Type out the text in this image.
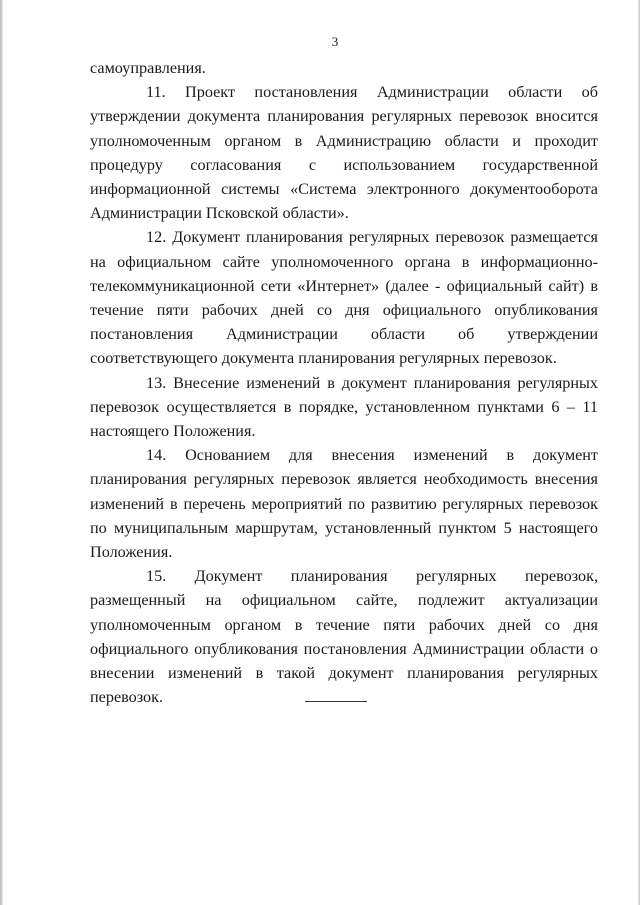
3

самоуправления.

11. Проект постановления Администрации области об утверждении документа планирования регулярных перевозок вносится уполномоченным органом в Администрацию области и проходит процедуру согласования с использованием государственной информационной системы «Система электронного документооборота Администрации Псковской области».

12. Документ планирования регулярных перевозок размещается на официальном сайте уполномоченного органа в информационно-телекоммуникационной сети «Интернет» (далее - официальный сайт) в течение пяти рабочих дней со дня официального опубликования постановления Администрации области об утверждении соответствующего документа планирования регулярных перевозок.

13. Внесение изменений в документ планирования регулярных перевозок осуществляется в порядке, установленном пунктами 6 – 11 настоящего Положения.

14. Основанием для внесения изменений в документ планирования регулярных перевозок является необходимость внесения изменений в перечень мероприятий по развитию регулярных перевозок по муниципальным маршрутам, установленный пунктом 5 настоящего Положения.

15. Документ планирования регулярных перевозок, размещенный на официальном сайте, подлежит актуализации уполномоченным органом в течение пяти рабочих дней со дня официального опубликования постановления Администрации области о внесении изменений в такой документ планирования регулярных перевозок.
